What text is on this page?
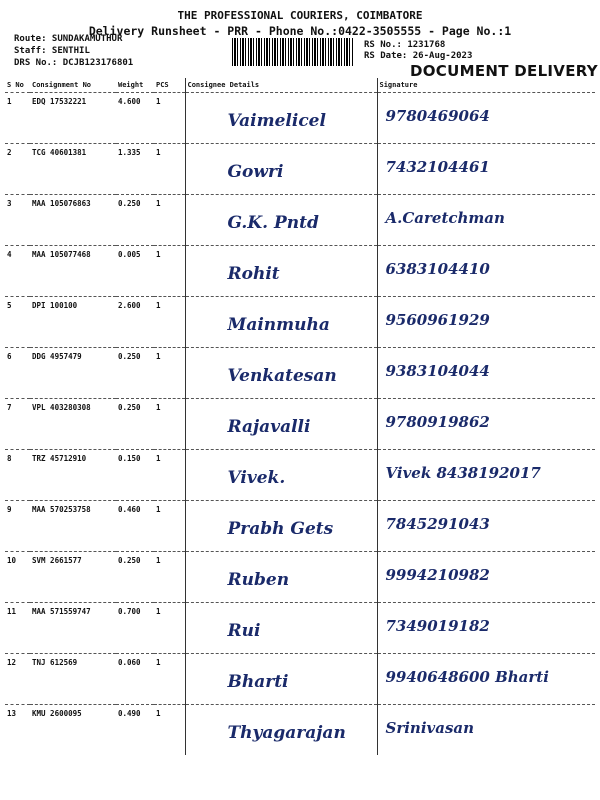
THE PROFESSIONAL COURIERS, COIMBATORE
Delivery Runsheet - PRR - Phone No.:0422-3505555 - Page No.:1
Route: SUNDAKAMUTHUR
Staff: SENTHIL
DRS No.: DCJB123176801
RS No.: 1231768
RS Date: 26-Aug-2023
DOCUMENT DELIVERY
S No	Consignment No	Weight	PCS	Consignee Details	Signature
1	EDQ 17532221	4.600	1	Vaimelicel	9780469064

2	TCG 40601381	1.335	1	Gowri	7432104461

3	MAA 105076863	0.250	1	G.K. Pntd	A.Caretchman

4	MAA 105077468	0.005	1	Rohit	6383104410

5	DPI 100100	2.600	1	Mainmuha	9560961929

6	DDG 4957479	0.250	1	Venkatesan	9383104044

7	VPL 403280308	0.250	1	Rajavalli	9780919862

8	TRZ 45712910	0.150	1	Vivek.	Vivek 8438192017

9	MAA 570253758	0.460	1	Prabh Gets	7845291043

10	SVM 2661577	0.250	1	Ruben	9994210982

11	MAA 571559747	0.700	1	Rui	7349019182

12	TNJ 612569	0.060	1	Bharti	9940648600 Bharti

13	KMU 2600095	0.490	1	Thyagarajan	Srinivasan
